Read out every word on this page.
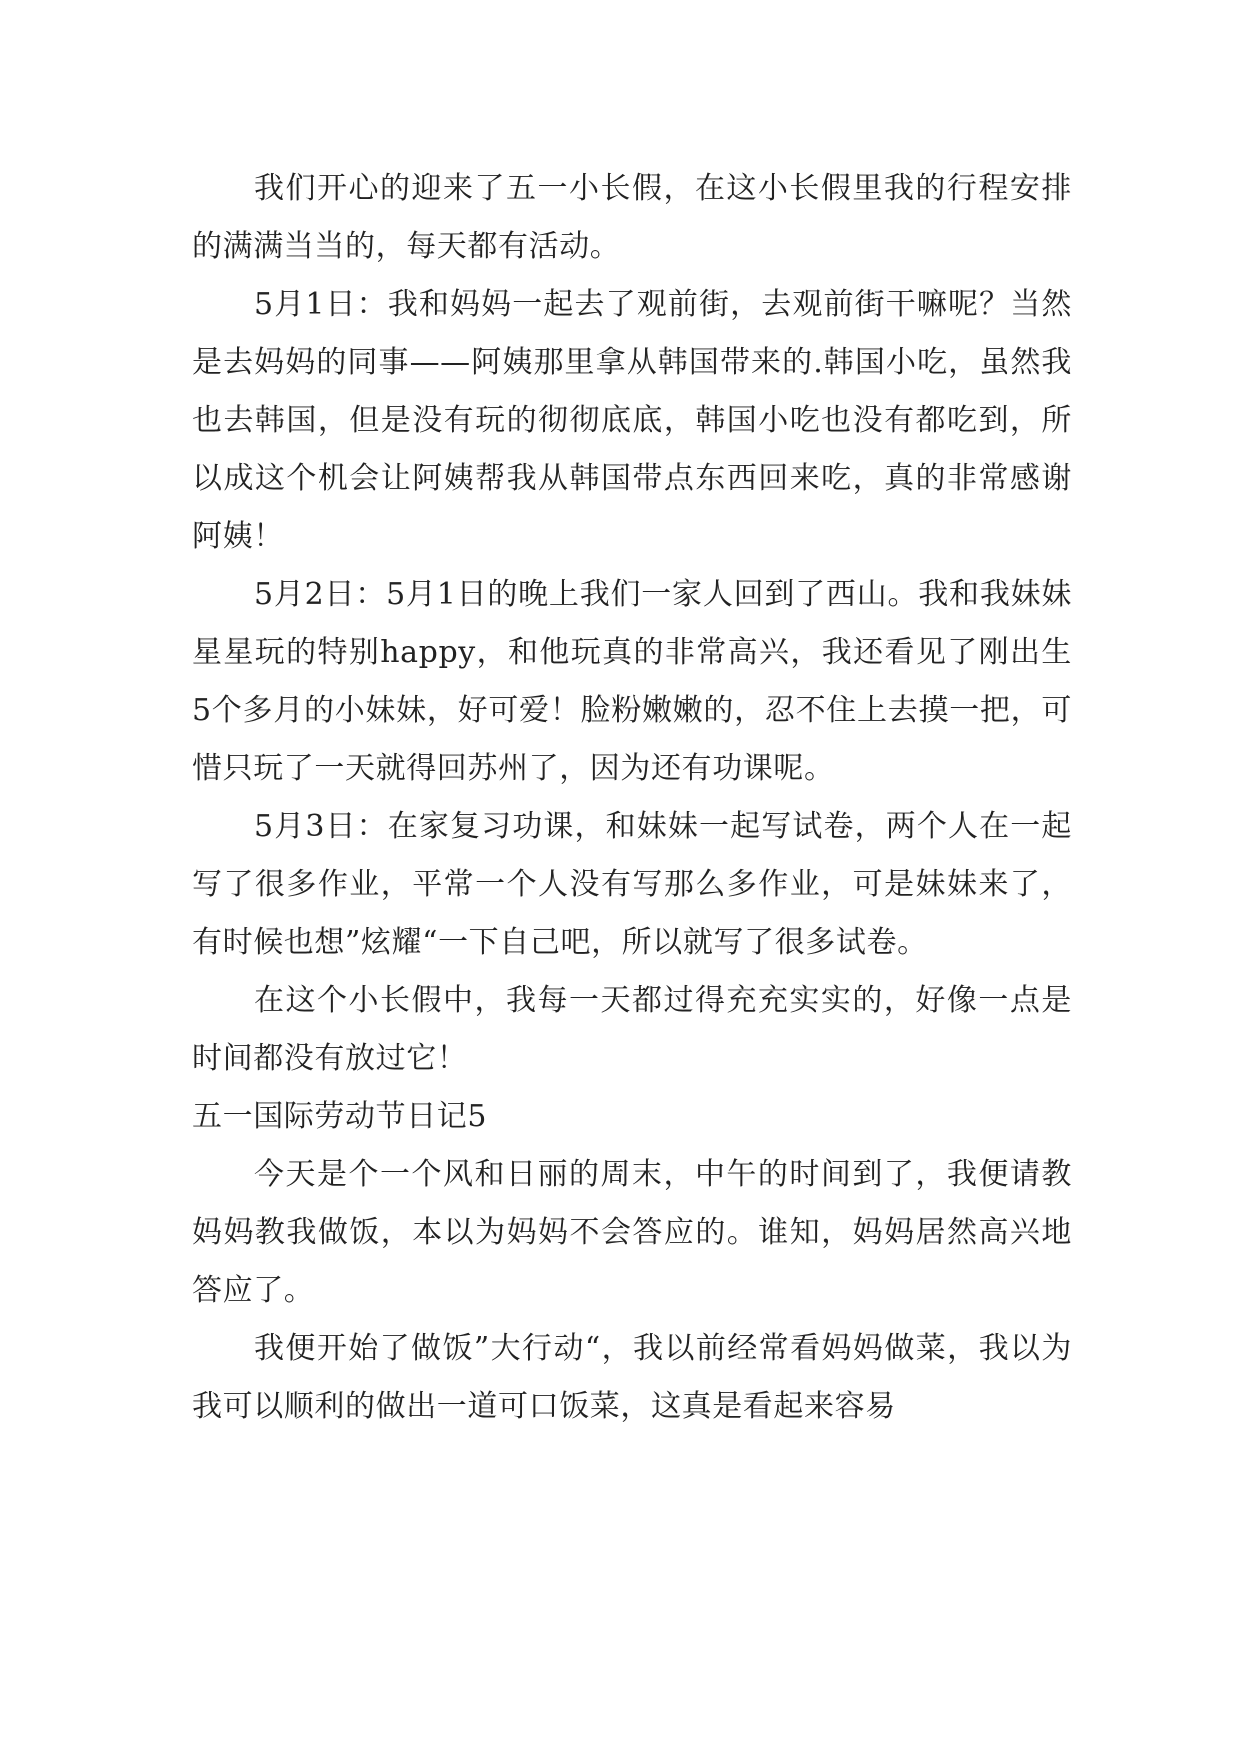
我们开心的迎来了五一小长假，在这小长假里我的行程安排的满满当当的，每天都有活动。

5月1日：我和妈妈一起去了观前街，去观前街干嘛呢？当然是去妈妈的同事——阿姨那里拿从韩国带来的.韩国小吃，虽然我也去韩国，但是没有玩的彻彻底底，韩国小吃也没有都吃到，所以成这个机会让阿姨帮我从韩国带点东西回来吃，真的非常感谢阿姨！

5月2日：5月1日的晚上我们一家人回到了西山。我和我妹妹星星玩的特别happy，和他玩真的非常高兴，我还看见了刚出生5个多月的小妹妹，好可爱！脸粉嫩嫩的，忍不住上去摸一把，可惜只玩了一天就得回苏州了，因为还有功课呢。

5月3日：在家复习功课，和妹妹一起写试卷，两个人在一起写了很多作业，平常一个人没有写那么多作业，可是妹妹来了，有时候也想”炫耀“一下自己吧，所以就写了很多试卷。

在这个小长假中，我每一天都过得充充实实的，好像一点是时间都没有放过它！

五一国际劳动节日记5

今天是个一个风和日丽的周末，中午的时间到了，我便请教妈妈教我做饭，本以为妈妈不会答应的。谁知，妈妈居然高兴地答应了。

我便开始了做饭”大行动“，我以前经常看妈妈做菜，我以为我可以顺利的做出一道可口饭菜，这真是看起来容易
